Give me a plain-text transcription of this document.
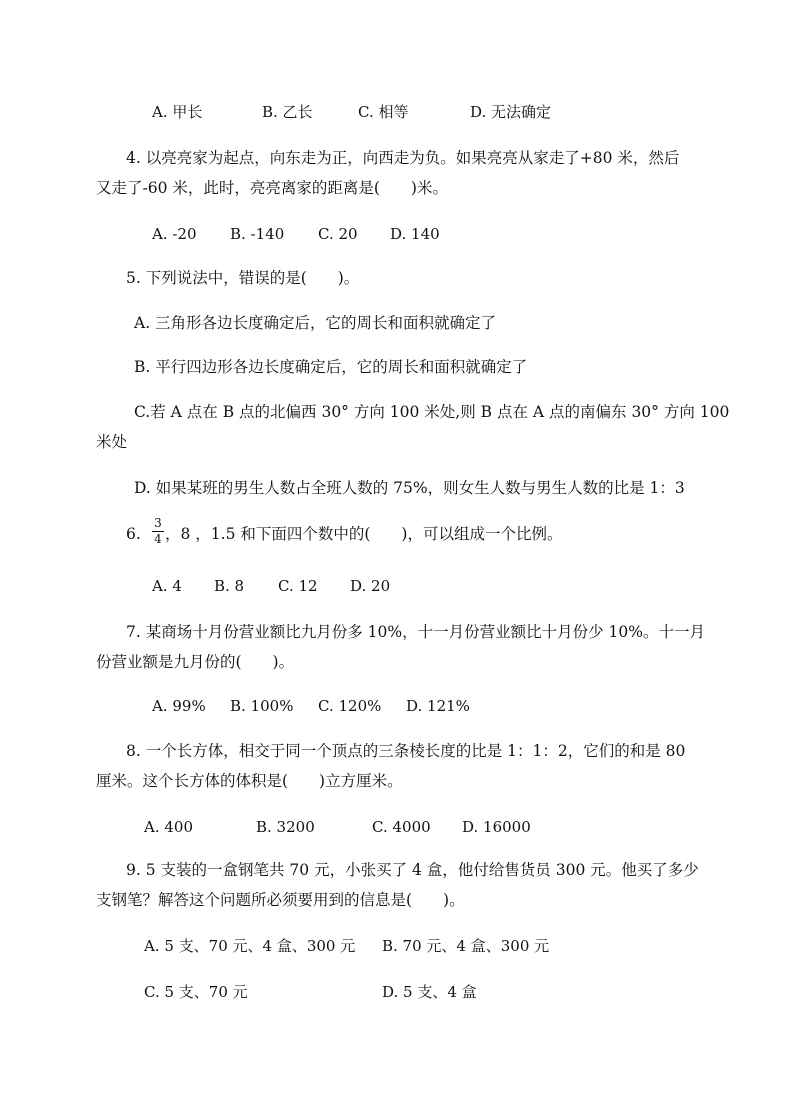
A. 甲长	B. 乙长	C. 相等	D. 无法确定
4. 以亮亮家为起点，向东走为正，向西走为负。如果亮亮从家走了+80 米，然后
又走了-60 米，此时，亮亮离家的距离是(　　)米。
A. -20 B. -140 C. 20 D. 140
5. 下列说法中，错误的是(　　)。
A. 三角形各边长度确定后，它的周长和面积就确定了
B. 平行四边形各边长度确定后，它的周长和面积就确定了
C.若 A 点在 B 点的北偏西 30° 方向 100 米处,则 B 点在 A 点的南偏东 30° 方向 100
米处
D. 如果某班的男生人数占全班人数的 75%，则女生人数与男生人数的比是 1：3
6.
3
4 ，8 ，1.5 和下面四个数中的(　　)，可以组成一个比例。
A. 4 B. 8 C. 12 D. 20
7. 某商场十月份营业额比九月份多 10%，十一月份营业额比十月份少 10%。十一月
份营业额是九月份的(　　)。
A. 99% B. 100% C. 120% D. 121%
8. 一个长方体，相交于同一个顶点的三条棱长度的比是 1：1：2，它们的和是 80
厘米。这个长方体的体积是(　　)立方厘米。
A. 400	B. 3200	C. 4000 D. 16000
9. 5 支装的一盒钢笔共 70 元，小张买了 4 盒，他付给售货员 300 元。他买了多少
支钢笔？解答这个问题所必须要用到的信息是(　　)。
A. 5 支、70 元、4 盒、300 元 B. 70 元、4 盒、300 元
C. 5 支、70 元	D. 5 支、4 盒
